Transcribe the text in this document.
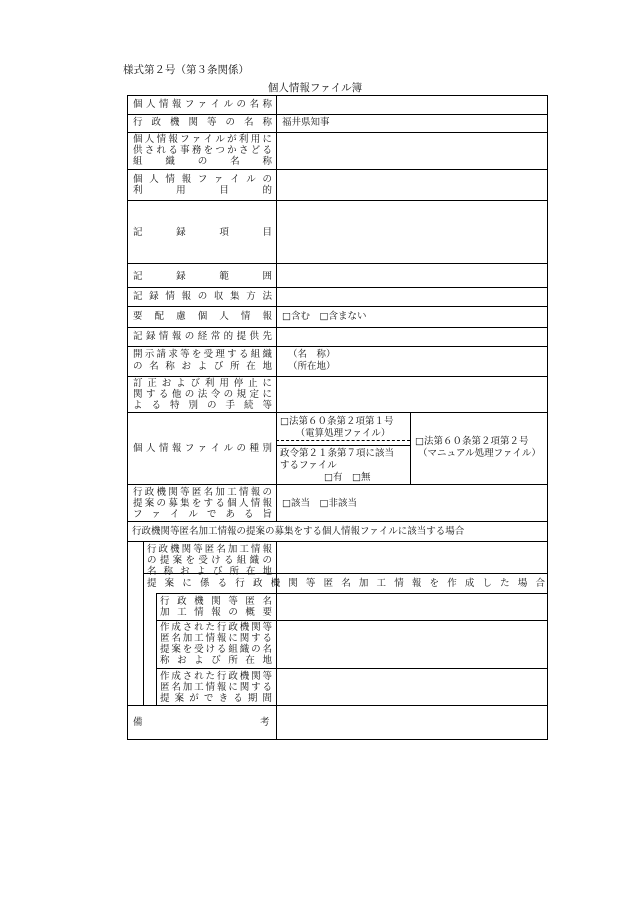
様式第２号（第３条関係）
個人情報ファイル簿
個人情報ファイルの名称
行政機関等の名称 福井県知事
個人情報ファイルが利用に
供される事務をつかさどる
組織の名称
個人情報ファイルの
利用目的
記録項目
記録範囲
記録情報の収集方法
要配慮個人情報 □含む　□含まない
記録情報の経常的提供先
開示請求等を受理する組織
の名称および所在地
（名　称）
（所在地）
訂正および利用停止に
関する他の法令の規定に
よる特別の手続等
個人情報ファイルの種別
□法第６０条第２項第１号
（電算処理ファイル）
政令第２１条第７項に該当
するファイル
□有　□無
□法第６０条第２項第２号
（マニュアル処理ファイル）
行政機関等匿名加工情報の
提案の募集をする個人情報
ファイルである旨
□該当　□非該当
行政機関等匿名加工情報の提案の募集をする個人情報ファイルに該当する場合
行政機関等匿名加工情報
の提案を受ける組織の
名称および所在地
提案に係る行政機関等匿名加工情報を作成した場合
行政機関等匿名
加工情報の概要
作成された行政機関等
匿名加工情報に関する
提案を受ける組織の名
称および所在地
作成された行政機関等
匿名加工情報に関する
提案ができる期間
備	考
